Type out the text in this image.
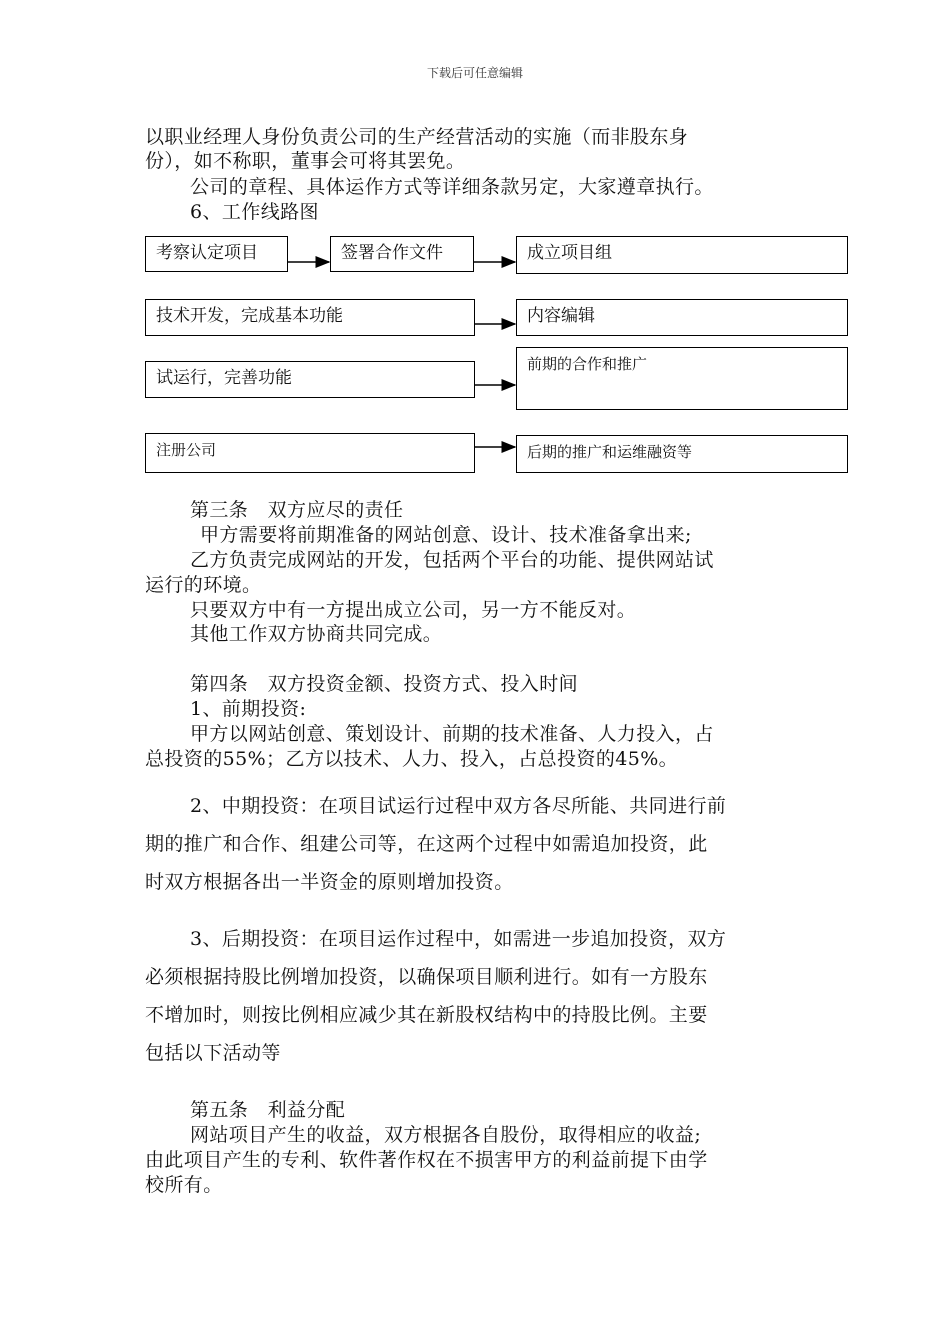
下载后可任意编辑
以职业经理人身份负责公司的生产经营活动的实施（而非股东身
份），如不称职，董事会可将其罢免。
公司的章程、具体运作方式等详细条款另定，大家遵章执行。
6、工作线路图
考察认定项目	签署合作文件	成立项目组
技术开发，完成基本功能	内容编辑
试运行，完善功能
前期的合作和推广
注册公司	后期的推广和运维融资等
第三条　双方应尽的责任
甲方需要将前期准备的网站创意、设计、技术准备拿出来;
乙方负责完成网站的开发，包括两个平台的功能、提供网站试
运行的环境。
只要双方中有一方提出成立公司，另一方不能反对。
其他工作双方协商共同完成。
第四条　双方投资金额、投资方式、投入时间
1、前期投资:
甲方以网站创意、策划设计、前期的技术准备、人力投入，占
总投资的55%；乙方以技术、人力、投入，占总投资的45%。
2、中期投资：在项目试运行过程中双方各尽所能、共同进行前
期的推广和合作、组建公司等，在这两个过程中如需追加投资，此
时双方根据各出一半资金的原则增加投资。
3、后期投资：在项目运作过程中，如需进一步追加投资，双方
必须根据持股比例增加投资，以确保项目顺利进行。如有一方股东
不增加时，则按比例相应减少其在新股权结构中的持股比例。主要
包括以下活动等
第五条　利益分配
网站项目产生的收益，双方根据各自股份，取得相应的收益;
由此项目产生的专利、软件著作权在不损害甲方的利益前提下由学
校所有。
